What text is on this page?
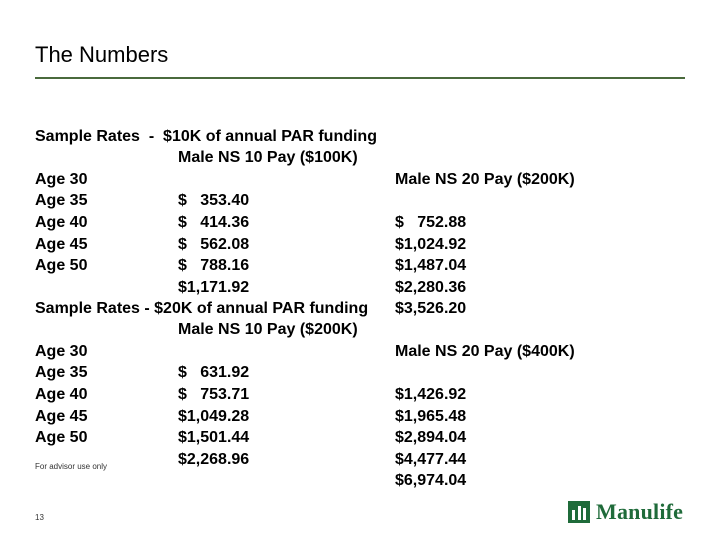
The Numbers

Sample Rates  -  $10K of annual PAR funding

Male NS 10 Pay ($100K)

Male NS 20 Pay ($200K)

Age 30

$   353.40

$   752.88

Age 35

$   414.36

$1,024.92

Age 40

$   562.08

$1,487.04

Age 45

$   788.16

$2,280.36

Age 50

$1,171.92

$3,526.20

Sample Rates - $20K of annual PAR funding

Male NS 10 Pay ($200K)

Male NS 20 Pay ($400K)

Age 30

$   631.92

$1,426.92

Age 35

$   753.71

$1,965.48

Age 40

$1,049.28

$2,894.04

Age 45

$1,501.44

$4,477.44

Age 50

$2,268.96

$6,974.04

For advisor use only
13	Manulife
